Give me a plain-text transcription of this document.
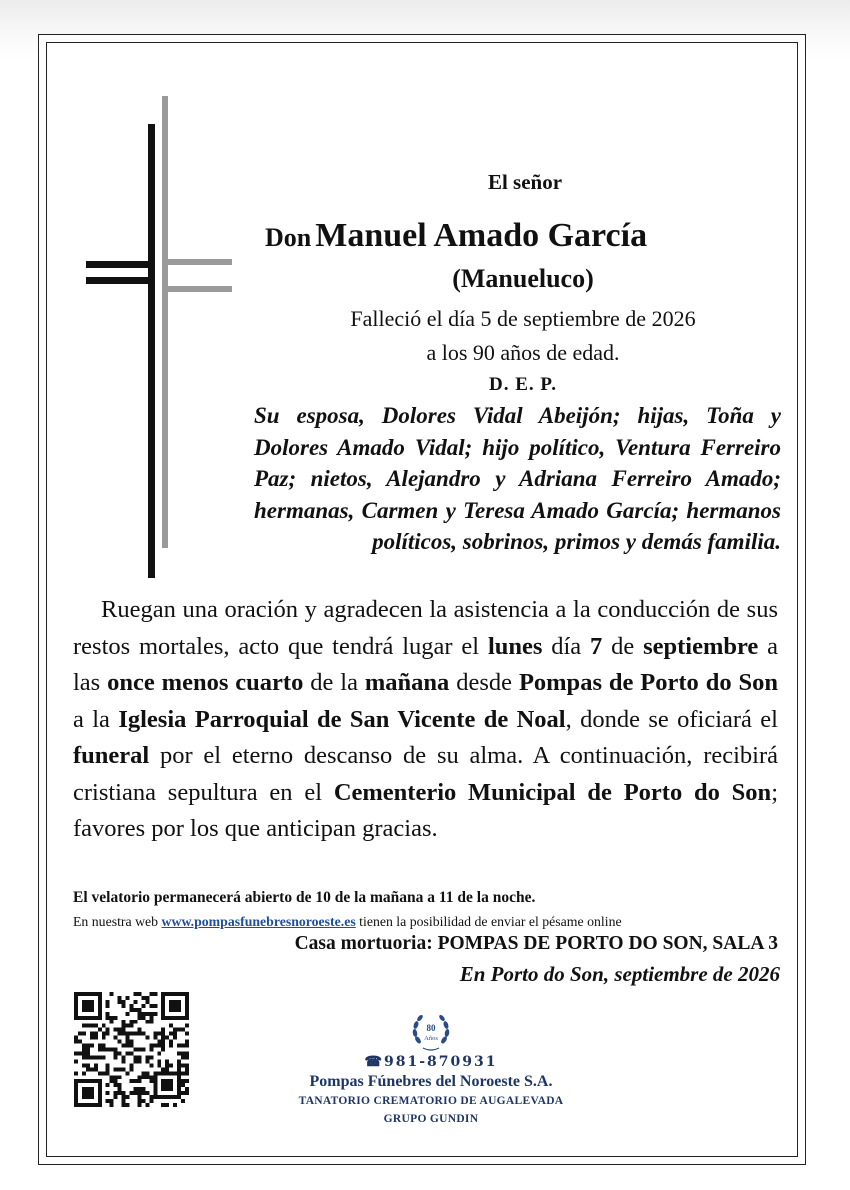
El señor
Don Manuel Amado García
(Manueluco)
Falleció el día 5 de septiembre de 2026
a los 90 años de edad.
D. E. P.
Su esposa, Dolores Vidal Abeijón; hijas, Toña y Dolores Amado Vidal; hijo político, Ventura Ferreiro Paz; nietos, Alejandro y Adriana Ferreiro Amado; hermanas, Carmen y Teresa Amado García; hermanos políticos, sobrinos, primos y demás familia.
Ruegan una oración y agradecen la asistencia a la conducción de sus restos mortales, acto que tendrá lugar el lunes día 7 de septiembre a las once menos cuarto de la mañana desde Pompas de Porto do Son a la Iglesia Parroquial de San Vicente de Noal, donde se oficiará el funeral por el eterno descanso de su alma. A continuación, recibirá cristiana sepultura en el Cementerio Municipal de Porto do Son; favores por los que anticipan gracias.
El velatorio permanecerá abierto de 10 de la mañana a 11 de la noche.
En nuestra web www.pompasfunebresnoroeste.es tienen la posibilidad de enviar el pésame online
Casa mortuoria: POMPAS DE PORTO DO SON, SALA 3
En Porto do Son, septiembre de 2026
80
Años
☎981-870931
Pompas Fúnebres del Noroeste S.A.
TANATORIO CREMATORIO DE AUGALEVADA
GRUPO GUNDIN
